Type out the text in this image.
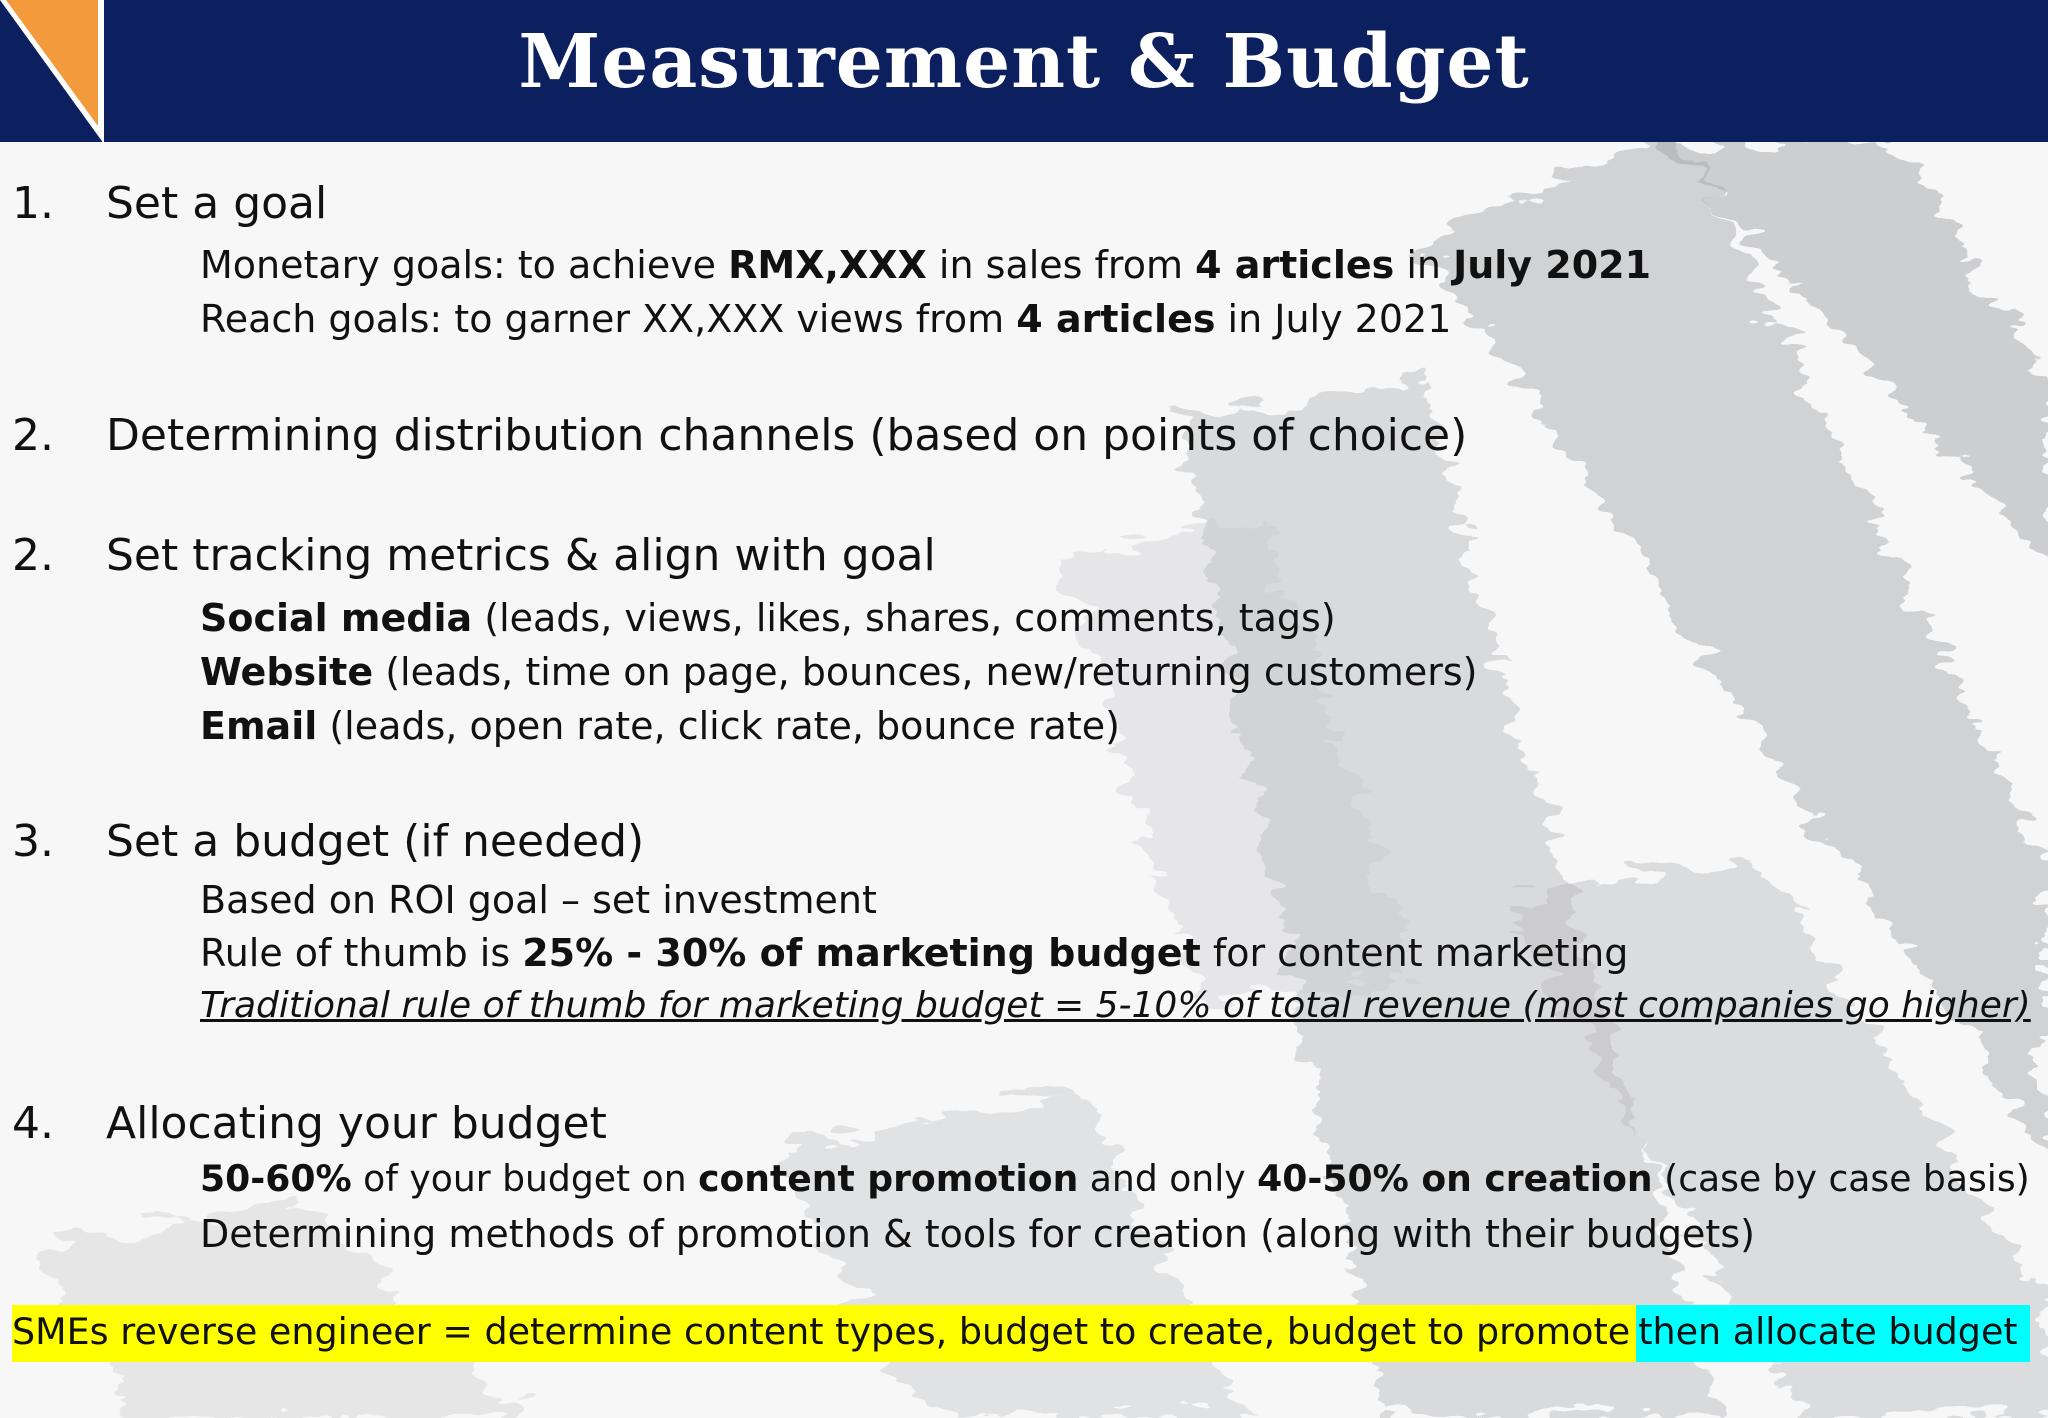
Measurement & Budget
1. Set a goal
Monetary goals: to achieve RMX,XXX in sales from 4 articles in July 2021
Reach goals: to garner XX,XXX views from 4 articles in July 2021
2. Determining distribution channels (based on points of choice)
2. Set tracking metrics & align with goal
Social media (leads, views, likes, shares, comments, tags)
Website (leads, time on page, bounces, new/returning customers)
Email (leads, open rate, click rate, bounce rate)
3. Set a budget (if needed)
Based on ROI goal – set investment
Rule of thumb is 25% - 30% of marketing budget for content marketing
Traditional rule of thumb for marketing budget = 5-10% of total revenue (most companies go higher)
4. Allocating your budget
50-60% of your budget on content promotion and only 40-50% on creation (case by case basis)
Determining methods of promotion & tools for creation (along with their budgets)
SMEs reverse engineer = determine content types, budget to create, budget to promote then allocate budget
